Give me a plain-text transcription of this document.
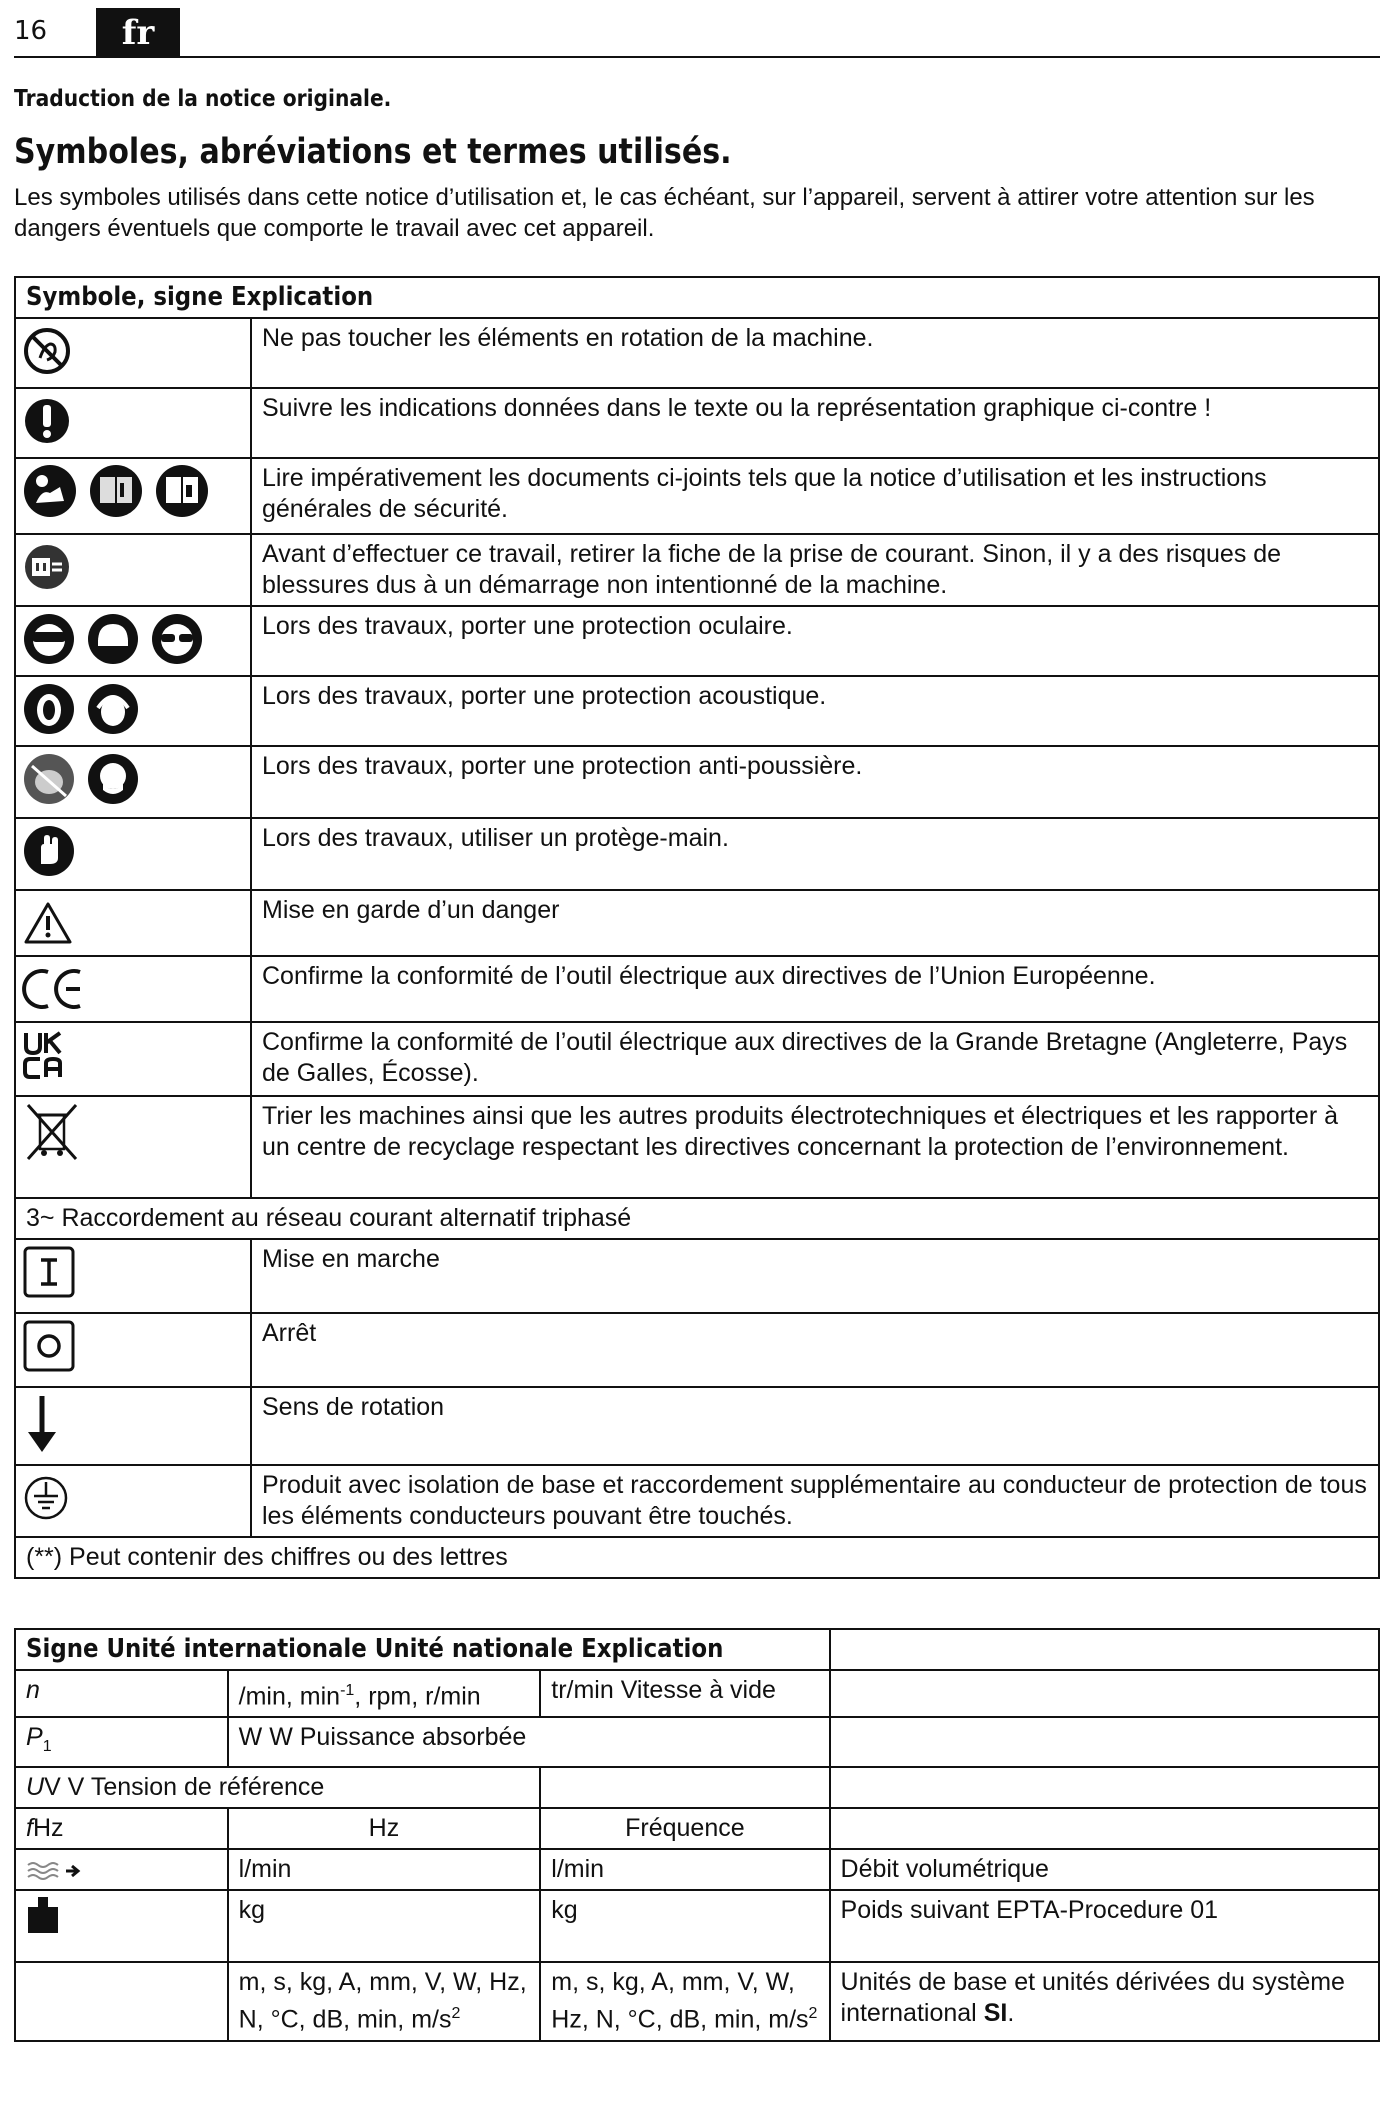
16	fr
Traduction de la notice originale.
Symboles, abréviations et termes utilisés.
Les symboles utilisés dans cette notice d’utilisation et, le cas échéant, sur l’appareil, servent à attirer votre attention sur les dangers éventuels que comporte le travail avec cet appareil.
Symbole, signe Explication	

	Ne pas toucher les éléments en rotation de la machine.

	Suivre les indications données dans le texte ou la représentation graphique ci-contre !

	Lire impérativement les documents ci-joints tels que la notice d’utilisation et les instructions générales de sécurité.

	Avant d’effectuer ce travail, retirer la fiche de la prise de courant. Sinon, il y a des risques de blessures dus à un démarrage non intentionné de la machine.

	Lors des travaux, porter une protection oculaire.

	Lors des travaux, porter une protection acoustique.

	Lors des travaux, porter une protection anti-poussière.

	Lors des travaux, utiliser un protège-main.

	Mise en garde d’un danger

	Confirme la conformité de l’outil électrique aux directives de l’Union Européenne.

	Confirme la conformité de l’outil électrique aux directives de la Grande Bretagne (Angleterre, Pays de Galles, Écosse).

	Trier les machines ainsi que les autres produits électrotechniques et électriques et les rapporter à un centre de recyclage respectant les directives concernant la protection de l’environnement.
3~ Raccordement au réseau courant alternatif triphasé	

	Mise en marche

	Arrêt

	Sens de rotation

	Produit avec isolation de base et raccordement supplémentaire au conducteur de protection de tous les éléments conducteurs pouvant être touchés.
(**) Peut contenir des chiffres ou des lettres	
Signe Unité internationale Unité nationale Explication			
n	/min, $\min^{-1}$, rpm, r/min	tr/min Vitesse à vide	
$P_1$	W W Puissance absorbée		
UV V Tension de référence			
fHz	Hz	Fréquence	

	l/min	l/min	Débit volumétrique

	kg	kg	Poids suivant EPTA-Procedure 01
	m, s, kg, A, mm, V, W, Hz, N, °C, dB, min, $m/s^2$	m, s, kg, A, mm, V, W, Hz, N, °C, dB, min, $m/s^2$	Unités de base et unités dérivées du système international SI.
